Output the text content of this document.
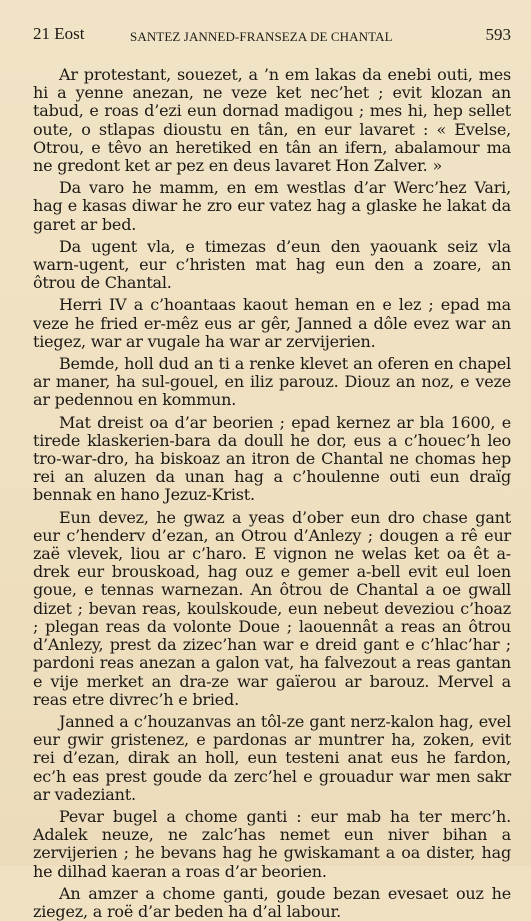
21 Eost	SANTEZ JANNED-FRANSEZA DE CHANTAL	593

Ar protestant, souezet, a ’n em lakas da enebi outi, mes hi a yenne anezan, ne veze ket nec’het ; evit klozan an tabud, e roas d’ezi eun dornad madigou ; mes hi, hep sellet oute, o stlapas dioustu en tân, en eur lavaret : « Evelse, Otrou, e têvo an heretiked en tân an ifern, abalamour ma ne gredont ket ar pez en deus lavaret Hon Zalver. »

Da varo he mamm, en em westlas d’ar Werc’hez Vari, hag e kasas diwar he zro eur vatez hag a glaske he lakat da garet ar bed.

Da ugent vla, e timezas d’eun den yaouank seiz vla warn-ugent, eur c’hristen mat hag eun den a zoare, an ôtrou de Chantal.

Herri IV a c’hoantaas kaout heman en e lez ; epad ma veze he fried er-mêz eus ar gêr, Janned a dôle evez war an tiegez, war ar vugale ha war ar zervijerien.

Bemde, holl dud an ti a renke klevet an oferen en chapel ar maner, ha sul-gouel, en iliz parouz. Diouz an noz, e veze ar pedennou en kommun.

Mat dreist oa d’ar beorien ; epad kernez ar bla 1600, e tirede klaskerien-bara da doull he dor, eus a c’houec’h leo tro-war-dro, ha biskoaz an itron de Chantal ne chomas hep rei an aluzen da unan hag a c’houlenne outi eun draïg bennak en hano Jezuz-Krist.

Eun devez, he gwaz a yeas d’ober eun dro chase gant eur c’henderv d’ezan, an Otrou d’Anlezy ; dougen a rê eur zaë vlevek, liou ar c’haro. E vignon ne welas ket oa êt a-drek eur brouskoad, hag ouz e gemer a-bell evit eul loen goue, e tennas warnezan. An ôtrou de Chantal a oe gwall dizet ; bevan reas, koulskoude, eun nebeut deveziou c’hoaz ; plegan reas da volonte Doue ; laouennât a reas an ôtrou d’Anlezy, prest da zizec’han war e dreid gant e c’hlac’har ; pardoni reas anezan a galon vat, ha falvezout a reas gantan e vije merket an dra-ze war gaïerou ar barouz. Mervel a reas etre divrec’h e bried.

Janned a c’houzanvas an tôl-ze gant nerz-kalon hag, evel eur gwir gristenez, e pardonas ar muntrer ha, zoken, evit rei d’ezan, dirak an holl, eun testeni anat eus he fardon, ec’h eas prest goude da zerc’hel e grouadur war men sakr ar vadeziant.

Pevar bugel a chome ganti : eur mab ha ter merc’h. Adalek neuze, ne zalc’has nemet eun niver bihan a zervijerien ; he bevans hag he gwiskamant a oa dister, hag he dilhad kaeran a roas d’ar beorien.

An amzer a chome ganti, goude bezan evesaet ouz he ziegez, a roë d’ar beden ha d’al labour.
